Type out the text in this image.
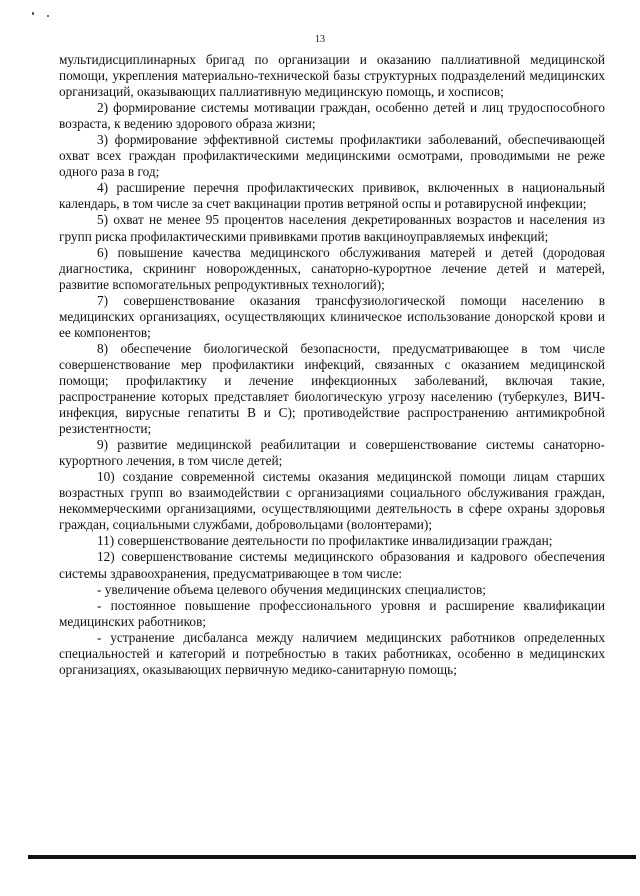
13

мультидисциплинарных бригад по организации и оказанию паллиативной медицинской помощи, укрепления материально-технической базы структурных подразделений медицинских организаций, оказывающих паллиативную медицинскую помощь, и хосписов;

2) формирование системы мотивации граждан, особенно детей и лиц трудоспособного возраста, к ведению здорового образа жизни;

3) формирование эффективной системы профилактики заболеваний, обеспечивающей охват всех граждан профилактическими медицинскими осмотрами, проводимыми не реже одного раза в год;

4) расширение перечня профилактических прививок, включенных в национальный календарь, в том числе за счет вакцинации против ветряной оспы и ротавирусной инфекции;

5) охват не менее 95 процентов населения декретированных возрастов и населения из групп риска профилактическими прививками против вакциноуправляемых инфекций;

6) повышение качества медицинского обслуживания матерей и детей (дородовая диагностика, скрининг новорожденных, санаторно-курортное лечение детей и матерей, развитие вспомогательных репродуктивных технологий);

7) совершенствование оказания трансфузиологической помощи населению в медицинских организациях, осуществляющих клиническое использование донорской крови и ее компонентов;

8) обеспечение биологической безопасности, предусматривающее в том числе совершенствование мер профилактики инфекций, связанных с оказанием медицинской помощи; профилактику и лечение инфекционных заболеваний, включая такие, распространение которых представляет биологическую угрозу населению (туберкулез, ВИЧ-инфекция, вирусные гепатиты В и С); противодействие распространению антимикробной резистентности;

9) развитие медицинской реабилитации и совершенствование системы санаторно-курортного лечения, в том числе детей;

10) создание современной системы оказания медицинской помощи лицам старших возрастных групп во взаимодействии с организациями социального обслуживания граждан, некоммерческими организациями, осуществляющими деятельность в сфере охраны здоровья граждан, социальными службами, добровольцами (волонтерами);

11) совершенствование деятельности по профилактике инвалидизации граждан;

12) совершенствование системы медицинского образования и кадрового обеспечения системы здравоохранения, предусматривающее в том числе:

- увеличение объема целевого обучения медицинских специалистов;

- постоянное повышение профессионального уровня и расширение квалификации медицинских работников;

- устранение дисбаланса между наличием медицинских работников определенных специальностей и категорий и потребностью в таких работниках, особенно в медицинских организациях, оказывающих первичную медико-санитарную помощь;
